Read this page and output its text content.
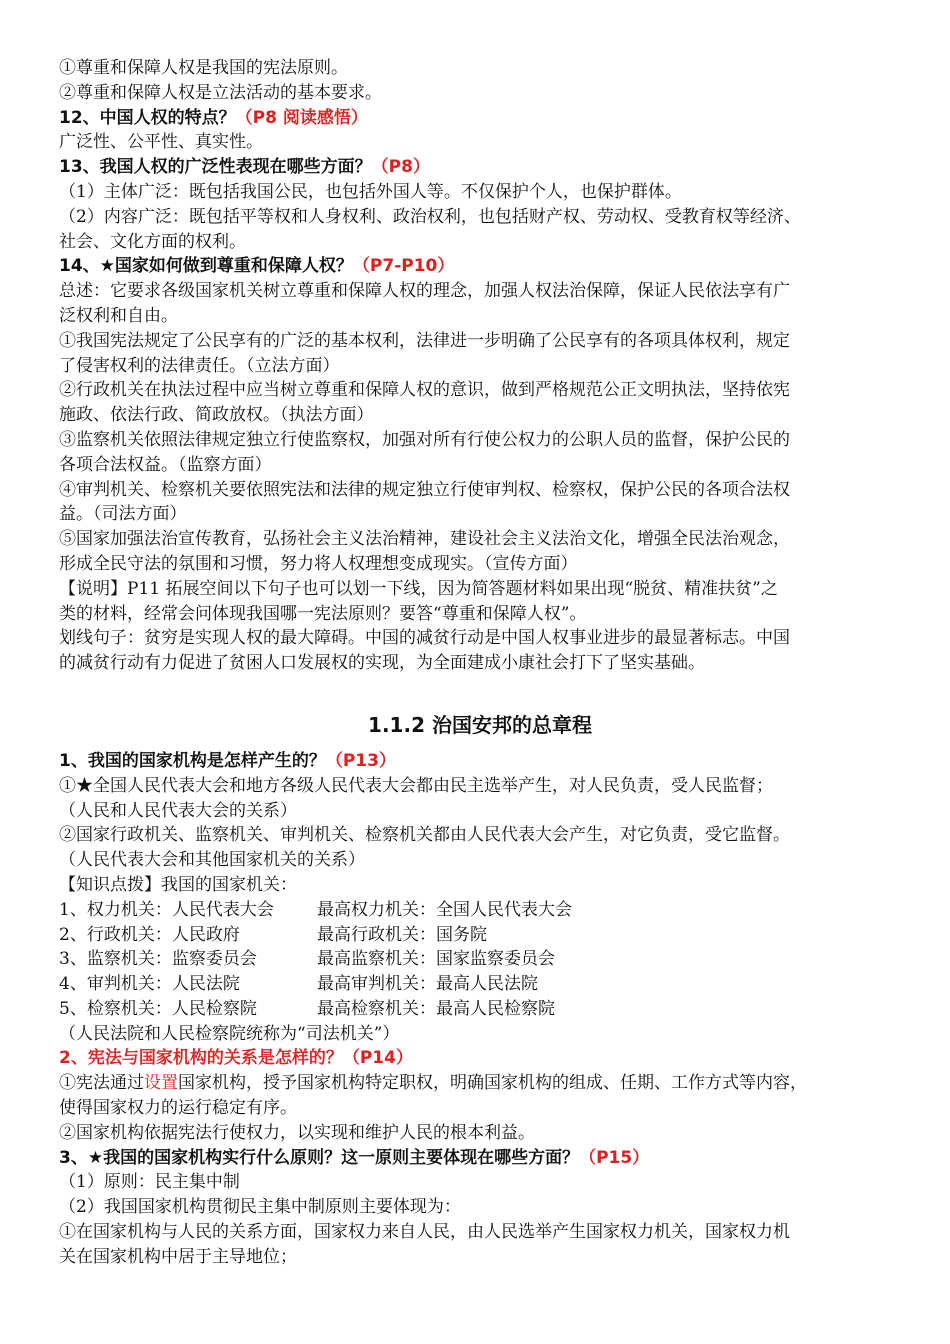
①尊重和保障人权是我国的宪法原则。
②尊重和保障人权是立法活动的基本要求。
12、中国人权的特点？（P8 阅读感悟）
广泛性、公平性、真实性。
13、我国人权的广泛性表现在哪些方面？（P8）
（1）主体广泛：既包括我国公民，也包括外国人等。不仅保护个人，也保护群体。
（2）内容广泛：既包括平等权和人身权利、政治权利，也包括财产权、劳动权、受教育权等经济、
社会、文化方面的权利。
14、★国家如何做到尊重和保障人权？（P7-P10）
总述：它要求各级国家机关树立尊重和保障人权的理念，加强人权法治保障，保证人民依法享有广
泛权利和自由。
①我国宪法规定了公民享有的广泛的基本权利，法律进一步明确了公民享有的各项具体权利，规定
了侵害权利的法律责任。（立法方面）
②行政机关在执法过程中应当树立尊重和保障人权的意识，做到严格规范公正文明执法，坚持依宪
施政、依法行政、简政放权。（执法方面）
③监察机关依照法律规定独立行使监察权，加强对所有行使公权力的公职人员的监督，保护公民的
各项合法权益。（监察方面）
④审判机关、检察机关要依照宪法和法律的规定独立行使审判权、检察权，保护公民的各项合法权
益。（司法方面）
⑤国家加强法治宣传教育，弘扬社会主义法治精神，建设社会主义法治文化，增强全民法治观念，
形成全民守法的氛围和习惯，努力将人权理想变成现实。（宣传方面）
【说明】P11 拓展空间以下句子也可以划一下线，因为简答题材料如果出现“脱贫、精准扶贫”之
类的材料，经常会问体现我国哪一宪法原则？要答“尊重和保障人权”。
划线句子：贫穷是实现人权的最大障碍。中国的减贫行动是中国人权事业进步的最显著标志。中国
的减贫行动有力促进了贫困人口发展权的实现，为全面建成小康社会打下了坚实基础。
1.1.2 治国安邦的总章程
1、我国的国家机构是怎样产生的？（P13）
①★全国人民代表大会和地方各级人民代表大会都由民主选举产生，对人民负责，受人民监督；
（人民和人民代表大会的关系）
②国家行政机关、监察机关、审判机关、检察机关都由人民代表大会产生，对它负责，受它监督。
（人民代表大会和其他国家机关的关系）
【知识点拨】我国的国家机关：
1、权力机关：人民代表大会	最高权力机关：全国人民代表大会
2、行政机关：人民政府	最高行政机关：国务院
3、监察机关：监察委员会	最高监察机关：国家监察委员会
4、审判机关：人民法院	最高审判机关：最高人民法院
5、检察机关：人民检察院	最高检察机关：最高人民检察院
（人民法院和人民检察院统称为“司法机关”）
2、宪法与国家机构的关系是怎样的？（P14）
①宪法通过设置国家机构，授予国家机构特定职权，明确国家机构的组成、任期、工作方式等内容，
使得国家权力的运行稳定有序。
②国家机构依据宪法行使权力，以实现和维护人民的根本利益。
3、★我国的国家机构实行什么原则？这一原则主要体现在哪些方面？（P15）
（1）原则：民主集中制
（2）我国国家机构贯彻民主集中制原则主要体现为：
①在国家机构与人民的关系方面，国家权力来自人民，由人民选举产生国家权力机关，国家权力机
关在国家机构中居于主导地位；
